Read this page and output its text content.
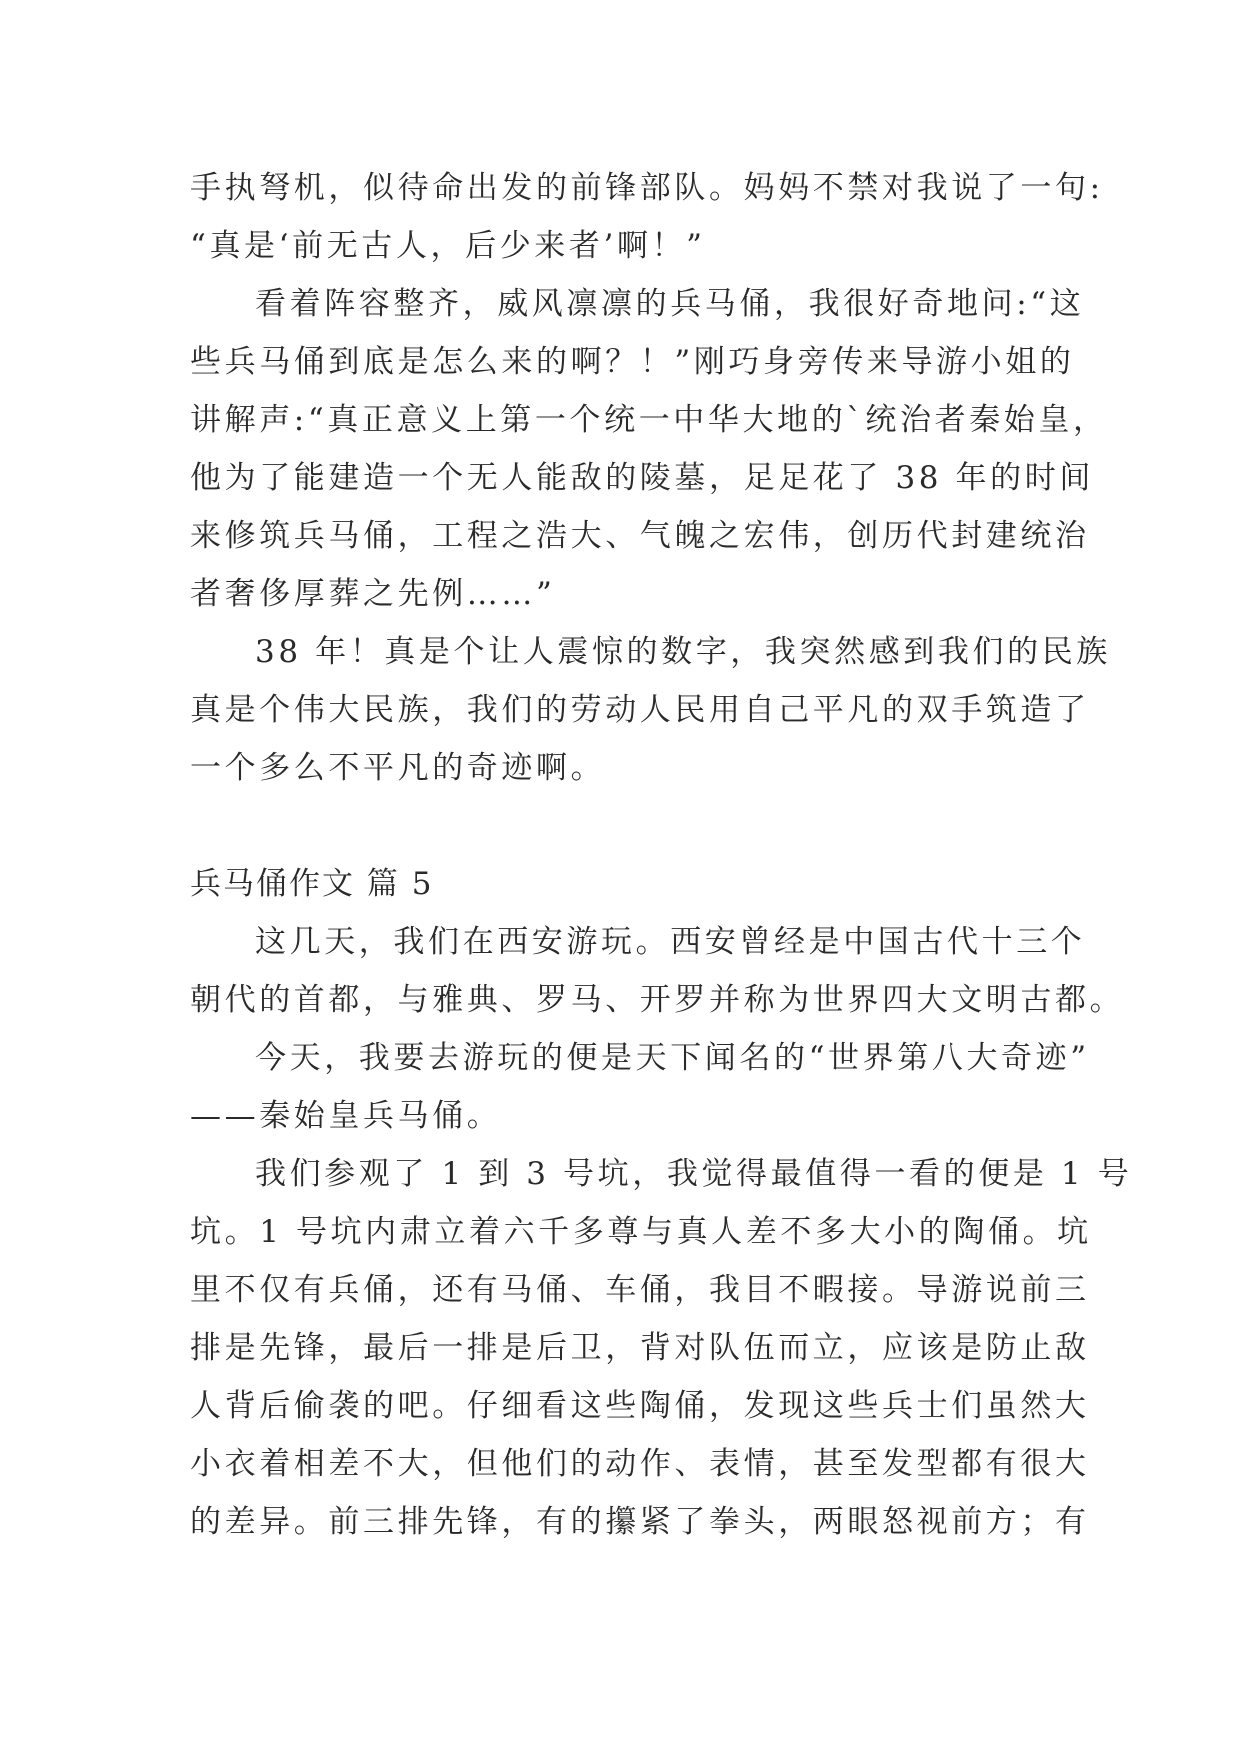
手执弩机，似待命出发的前锋部队。妈妈不禁对我说了一句:
“真是‘前无古人，后少来者’啊！”
看着阵容整齐，威风凛凛的兵马俑，我很好奇地问:“这
些兵马俑到底是怎么来的啊？！”刚巧身旁传来导游小姐的
讲解声:“真正意义上第一个统一中华大地的`统治者秦始皇，
他为了能建造一个无人能敌的陵墓，足足花了 38 年的时间
来修筑兵马俑，工程之浩大、气魄之宏伟，创历代封建统治
者奢侈厚葬之先例……”
38 年！真是个让人震惊的数字，我突然感到我们的民族
真是个伟大民族，我们的劳动人民用自己平凡的双手筑造了
一个多么不平凡的奇迹啊。
兵马俑作文 篇 5
这几天，我们在西安游玩。西安曾经是中国古代十三个
朝代的首都，与雅典、罗马、开罗并称为世界四大文明古都。
今天，我要去游玩的便是天下闻名的“世界第八大奇迹”
——秦始皇兵马俑。
我们参观了 1 到 3 号坑，我觉得最值得一看的便是 1 号
坑。1 号坑内肃立着六千多尊与真人差不多大小的陶俑。坑
里不仅有兵俑，还有马俑、车俑，我目不暇接。导游说前三
排是先锋，最后一排是后卫，背对队伍而立，应该是防止敌
人背后偷袭的吧。仔细看这些陶俑，发现这些兵士们虽然大
小衣着相差不大，但他们的动作、表情，甚至发型都有很大
的差异。前三排先锋，有的攥紧了拳头，两眼怒视前方；有
